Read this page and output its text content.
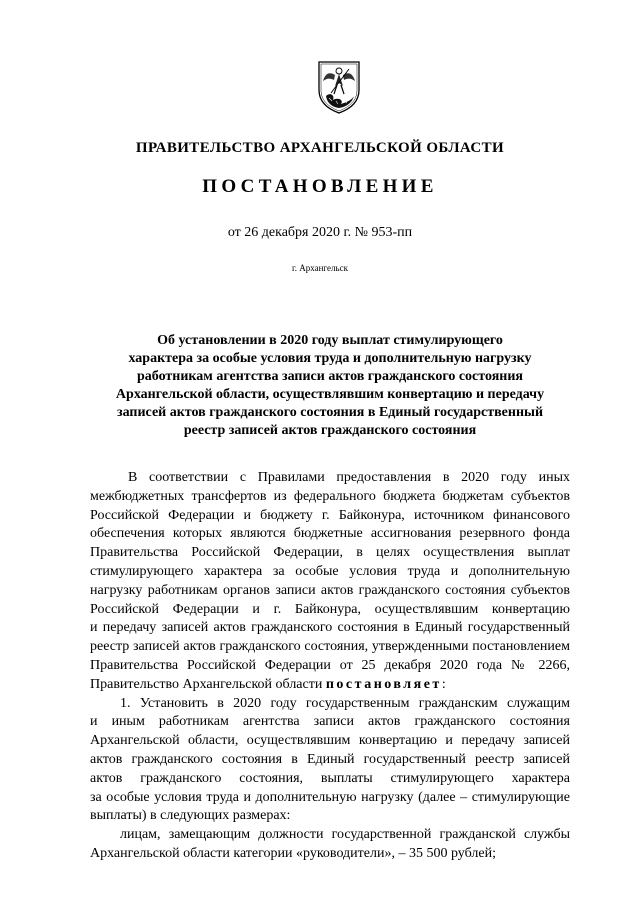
ПРАВИТЕЛЬСТВО АРХАНГЕЛЬСКОЙ ОБЛАСТИ
ПОСТАНОВЛЕНИЕ
от 26 декабря 2020 г. № 953-пп
г. Архангельск
Об установлении в 2020 году выплат стимулирующего
характера за особые условия труда и дополнительную нагрузку
работникам агентства записи актов гражданского состояния
Архангельской области, осуществлявшим конвертацию и передачу
записей актов гражданского состояния в Единый государственный
реестр записей актов гражданского состояния
В соответствии с Правилами предоставления в 2020 году иных
межбюджетных трансфертов из федерального бюджета бюджетам субъектов
Российской Федерации и бюджету г. Байконура, источником финансового
обеспечения которых являются бюджетные ассигнования резервного фонда
Правительства Российской Федерации, в целях осуществления выплат
стимулирующего характера за особые условия труда и дополнительную
нагрузку работникам органов записи актов гражданского состояния субъектов
Российской Федерации и г. Байконура, осуществлявшим конвертацию
и передачу записей актов гражданского состояния в Единый государственный
реестр записей актов гражданского состояния, утвержденными постановлением
Правительства Российской Федерации от 25 декабря 2020 года № 2266,
Правительство Архангельской области постановляет:
1. Установить в 2020 году государственным гражданским служащим
и иным работникам агентства записи актов гражданского состояния
Архангельской области, осуществлявшим конвертацию и передачу записей
актов гражданского состояния в Единый государственный реестр записей
актов гражданского состояния, выплаты стимулирующего характера
за особые условия труда и дополнительную нагрузку (далее – стимулирующие
выплаты) в следующих размерах:
лицам, замещающим должности государственной гражданской службы
Архангельской области категории «руководители», – 35 500 рублей;
